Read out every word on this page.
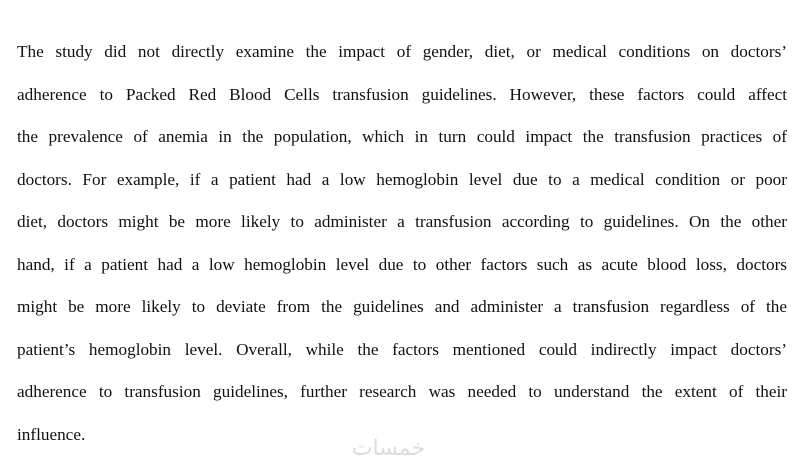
The study did not directly examine the impact of gender, diet, or medical conditions on doctors’

adherence to Packed Red Blood Cells transfusion guidelines. However, these factors could affect

the prevalence of anemia in the population, which in turn could impact the transfusion practices of

doctors. For example, if a patient had a low hemoglobin level due to a medical condition or poor

diet, doctors might be more likely to administer a transfusion according to guidelines. On the other

hand, if a patient had a low hemoglobin level due to other factors such as acute blood loss, doctors

might be more likely to deviate from the guidelines and administer a transfusion regardless of the

patient’s hemoglobin level. Overall, while the factors mentioned could indirectly impact doctors’

adherence to transfusion guidelines, further research was needed to understand the extent of their

influence.

خمسات
